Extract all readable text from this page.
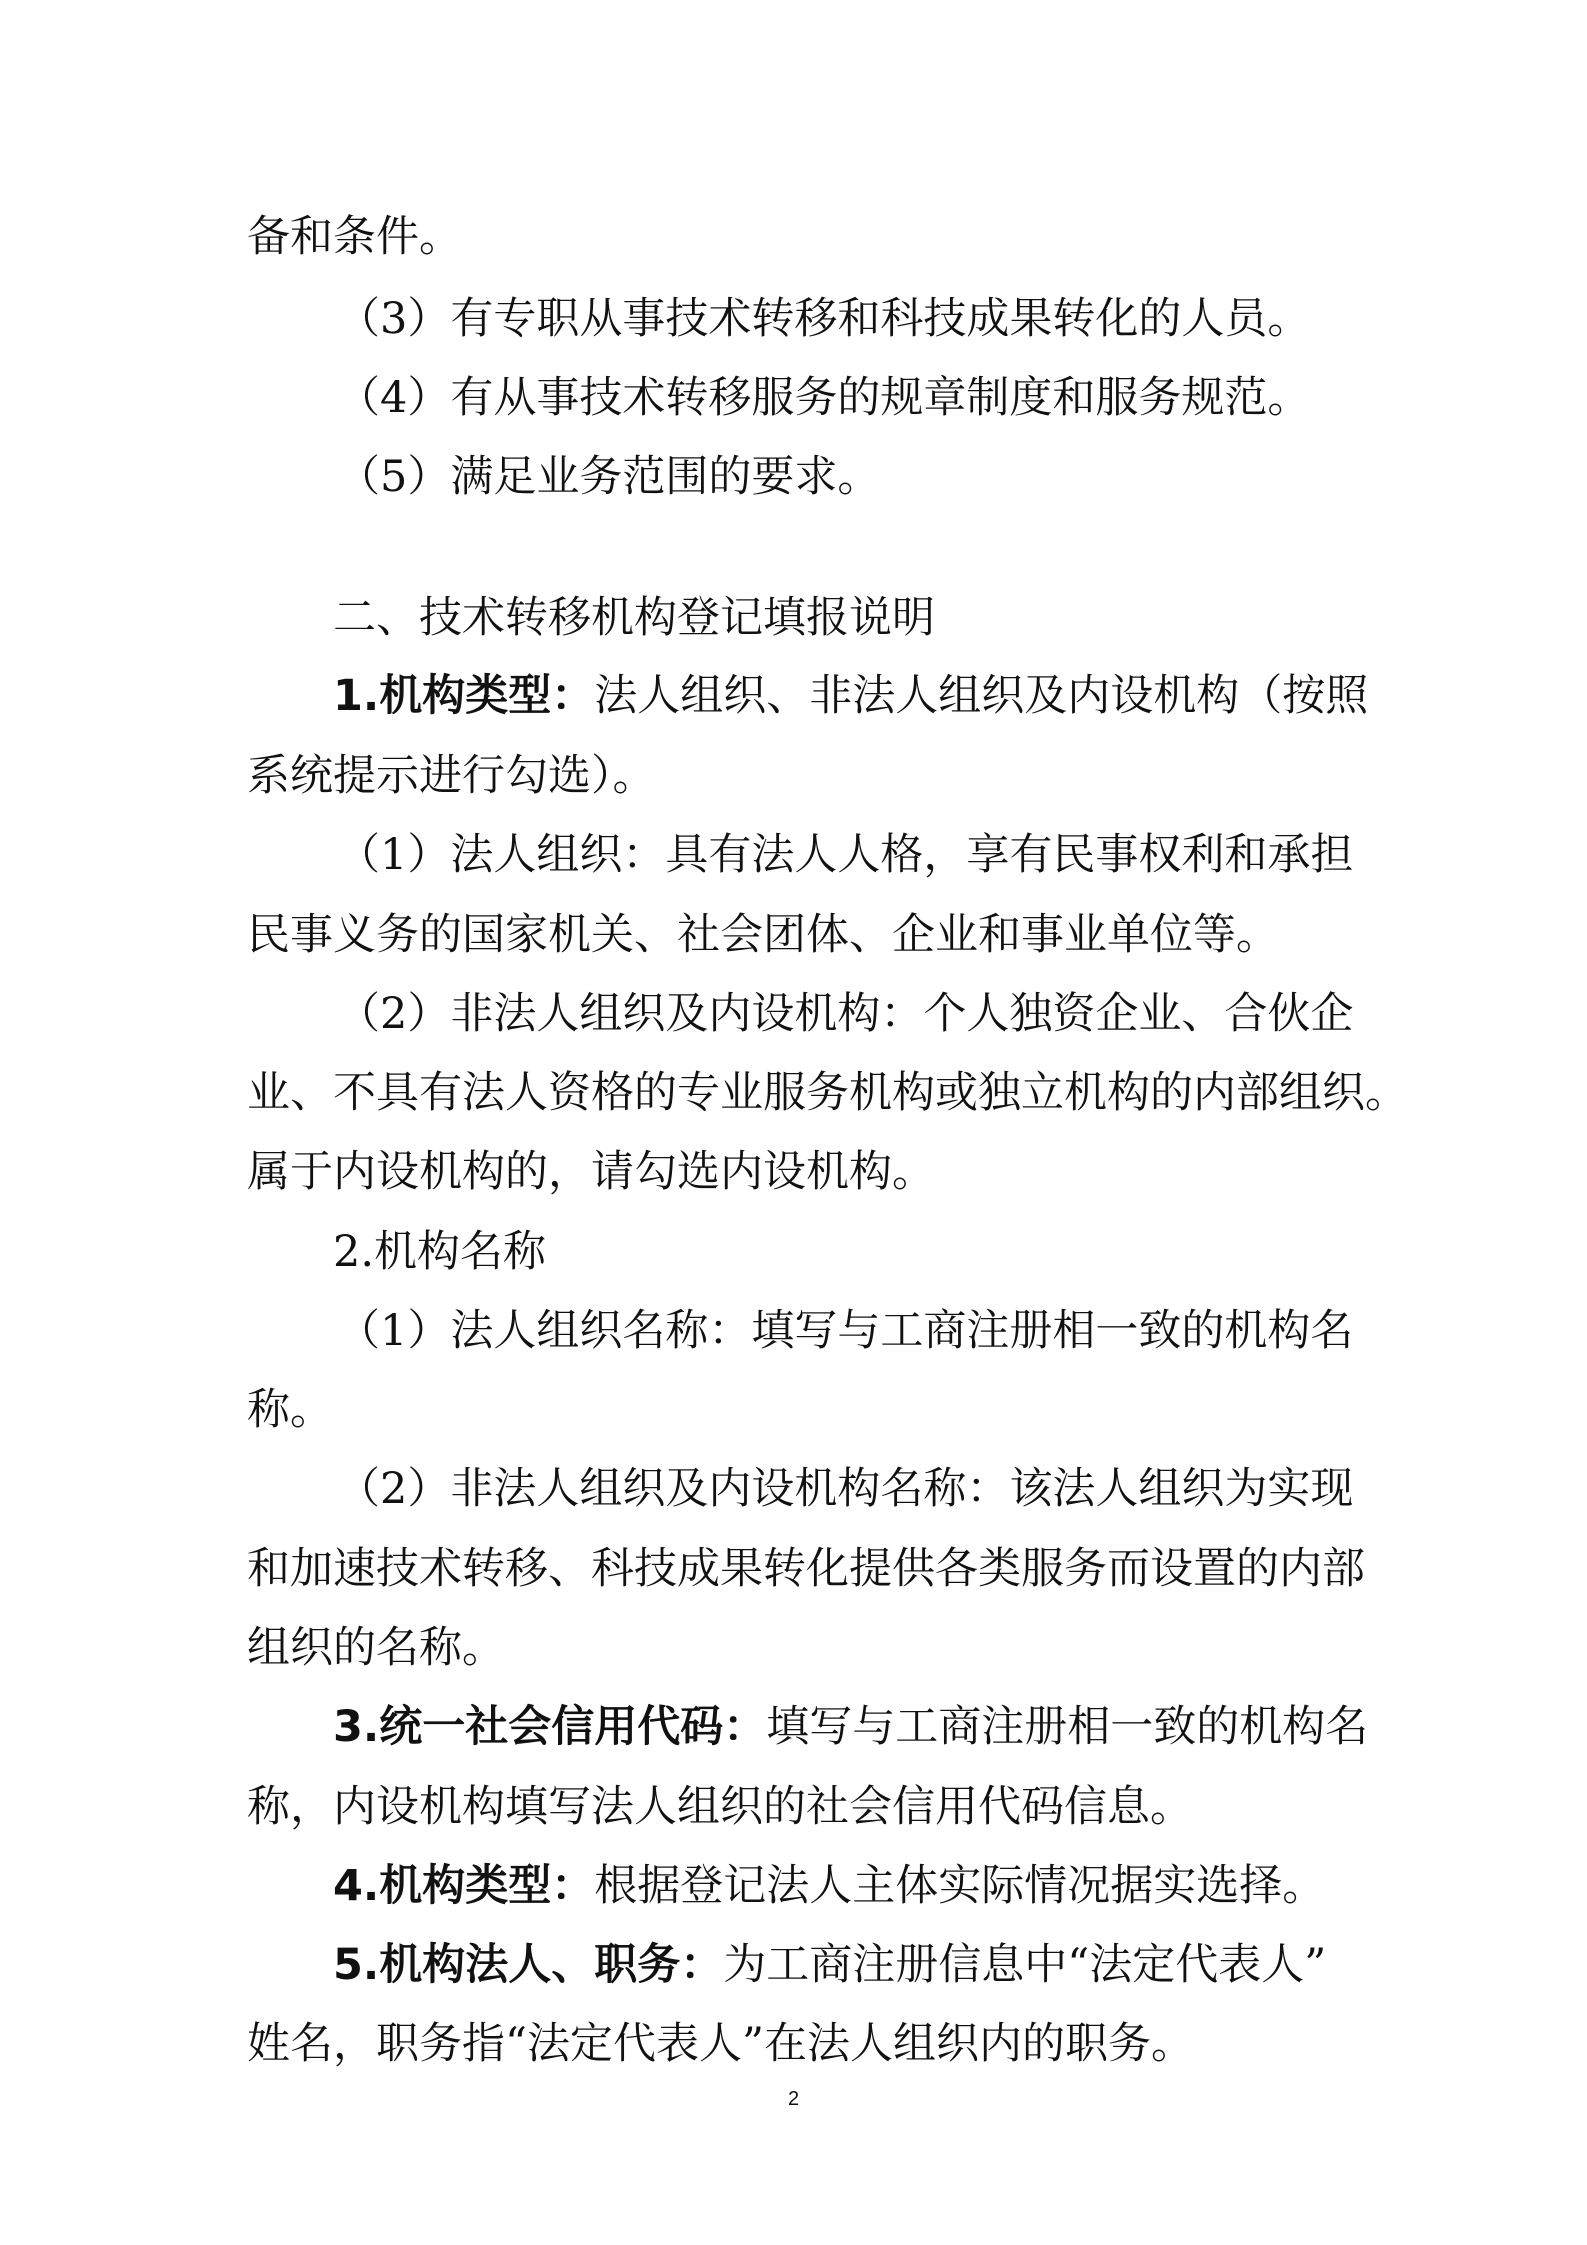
备和条件。

（3）有专职从事技术转移和科技成果转化的人员。

（4）有从事技术转移服务的规章制度和服务规范。

（5）满足业务范围的要求。

二、技术转移机构登记填报说明

1.机构类型：法人组织、非法人组织及内设机构（按照

系统提示进行勾选）。

（1）法人组织：具有法人人格，享有民事权利和承担

民事义务的国家机关、社会团体、企业和事业单位等。

（2）非法人组织及内设机构：个人独资企业、合伙企

业、不具有法人资格的专业服务机构或独立机构的内部组织。

属于内设机构的，请勾选内设机构。

2.机构名称

（1）法人组织名称：填写与工商注册相一致的机构名

称。

（2）非法人组织及内设机构名称：该法人组织为实现

和加速技术转移、科技成果转化提供各类服务而设置的内部

组织的名称。

3.统一社会信用代码：填写与工商注册相一致的机构名

称，内设机构填写法人组织的社会信用代码信息。

4.机构类型：根据登记法人主体实际情况据实选择。

5.机构法人、职务：为工商注册信息中“法定代表人”

姓名，职务指“法定代表人”在法人组织内的职务。

2
